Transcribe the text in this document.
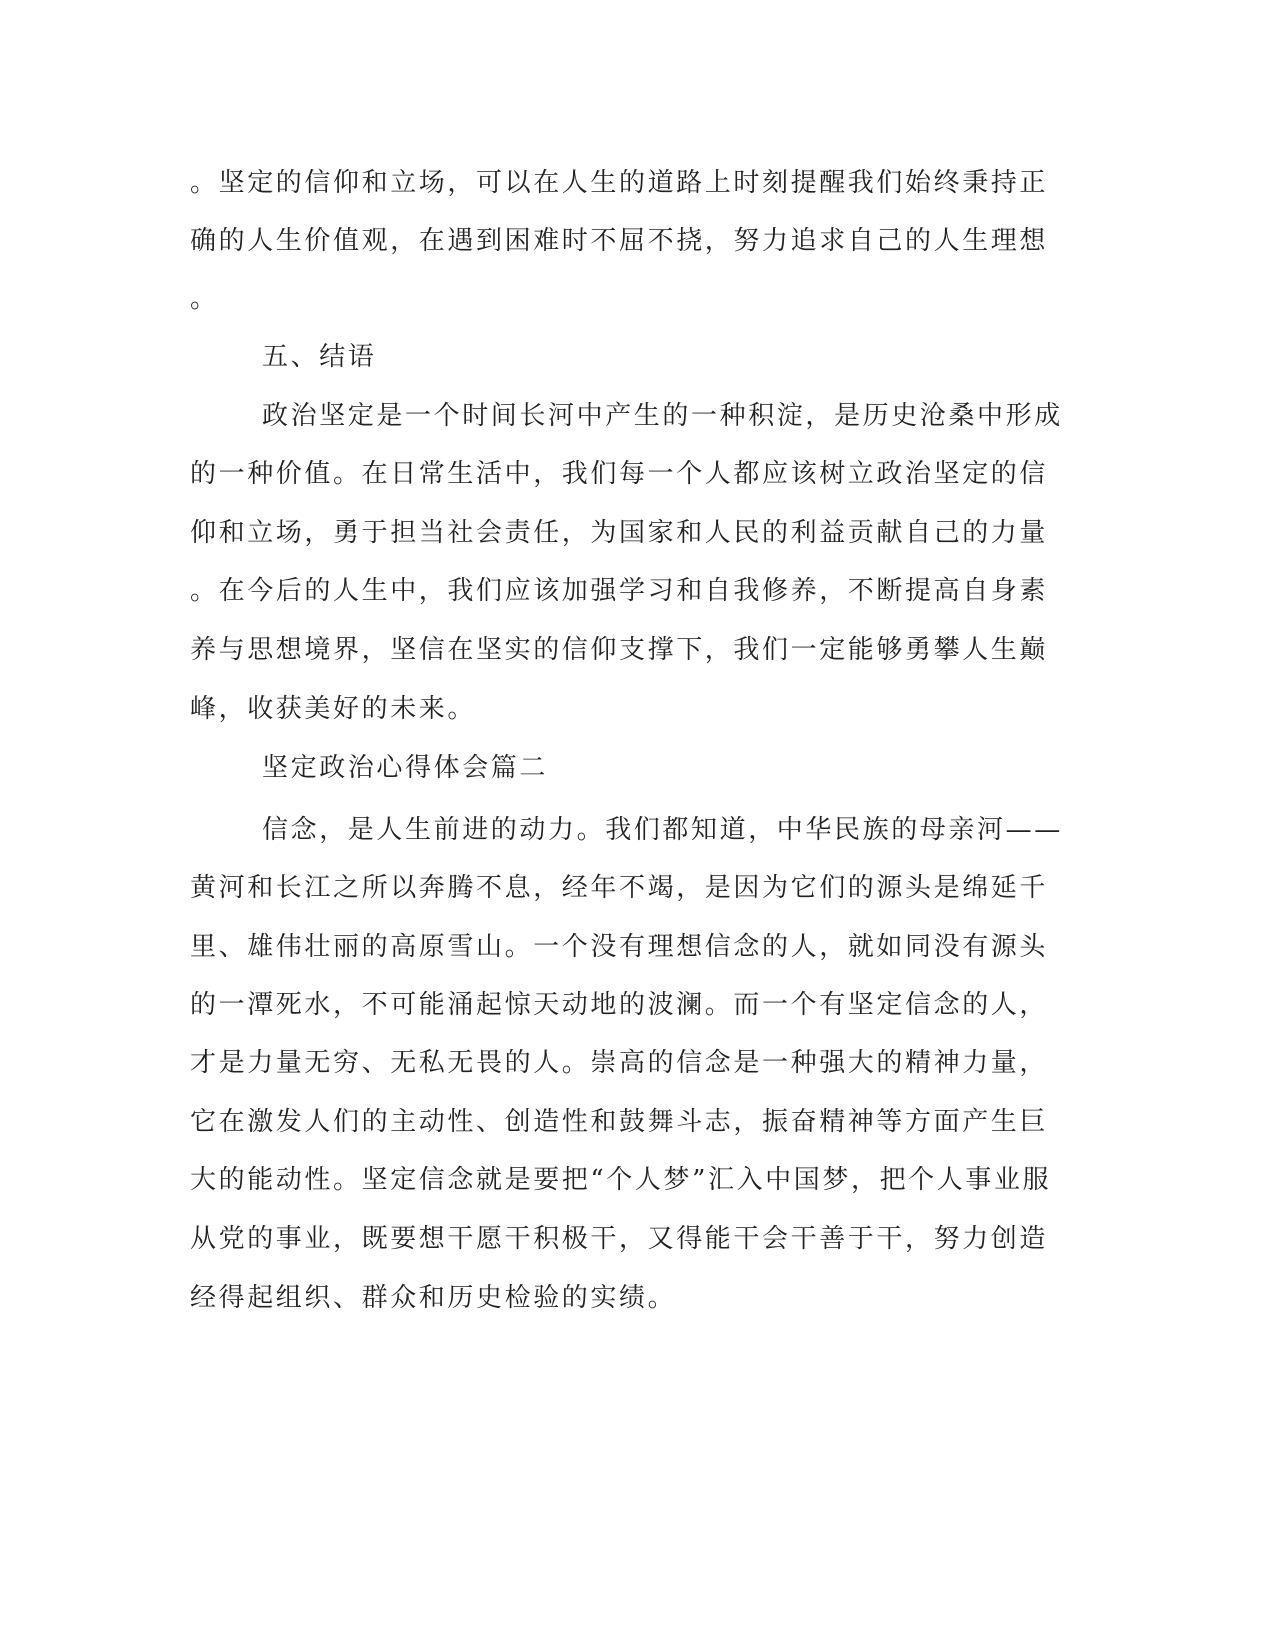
。坚定的信仰和立场，可以在人生的道路上时刻提醒我们始终秉持正

确的人生价值观，在遇到困难时不屈不挠，努力追求自己的人生理想

。

五、结语

政治坚定是一个时间长河中产生的一种积淀，是历史沧桑中形成

的一种价值。在日常生活中，我们每一个人都应该树立政治坚定的信

仰和立场，勇于担当社会责任，为国家和人民的利益贡献自己的力量

。在今后的人生中，我们应该加强学习和自我修养，不断提高自身素

养与思想境界，坚信在坚实的信仰支撑下，我们一定能够勇攀人生巅

峰，收获美好的未来。

坚定政治心得体会篇二

信念，是人生前进的动力。我们都知道，中华民族的母亲河——

黄河和长江之所以奔腾不息，经年不竭，是因为它们的源头是绵延千

里、雄伟壮丽的高原雪山。一个没有理想信念的人，就如同没有源头

的一潭死水，不可能涌起惊天动地的波澜。而一个有坚定信念的人，

才是力量无穷、无私无畏的人。崇高的信念是一种强大的精神力量，

它在激发人们的主动性、创造性和鼓舞斗志，振奋精神等方面产生巨

大的能动性。坚定信念就是要把“个人梦”汇入中国梦，把个人事业服

从党的事业，既要想干愿干积极干，又得能干会干善于干，努力创造

经得起组织、群众和历史检验的实绩。
